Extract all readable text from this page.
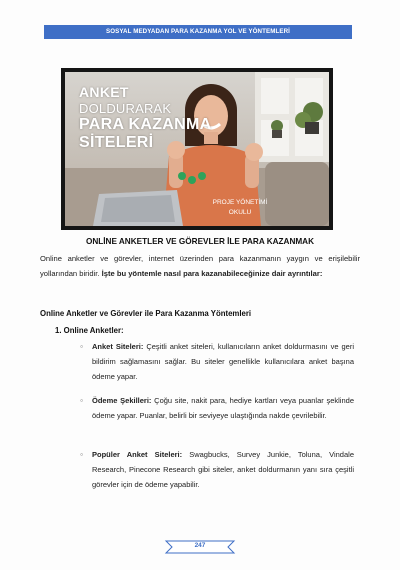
SOSYAL MEDYADAN PARA KAZANMA YOL VE YÖNTEMLERİ
ANKET
DOLDURARAK
PARA KAZANMA
SİTELERİ
PROJE YÖNETİMİ
OKULU
ONLİNE ANKETLER VE GÖREVLER İLE PARA KAZANMAK
Online anketler ve görevler, internet üzerinden para kazanmanın yaygın ve erişilebilir yollarından biridir. İşte bu yöntemle nasıl para kazanabileceğinize dair ayrıntılar:
Online Anketler ve Görevler ile Para Kazanma Yöntemleri
1. Online Anketler:
○ Anket Siteleri: Çeşitli anket siteleri, kullanıcıların anket doldurmasını ve geri bildirim sağlamasını sağlar. Bu siteler genellikle kullanıcılara anket başına ödeme yapar.
○ Ödeme Şekilleri: Çoğu site, nakit para, hediye kartları veya puanlar şeklinde ödeme yapar. Puanlar, belirli bir seviyeye ulaştığında nakde çevrilebilir.
○ Popüler Anket Siteleri: Swagbucks, Survey Junkie, Toluna, Vindale Research, Pinecone Research gibi siteler, anket doldurmanın yanı sıra çeşitli görevler için de ödeme yapabilir.
247
